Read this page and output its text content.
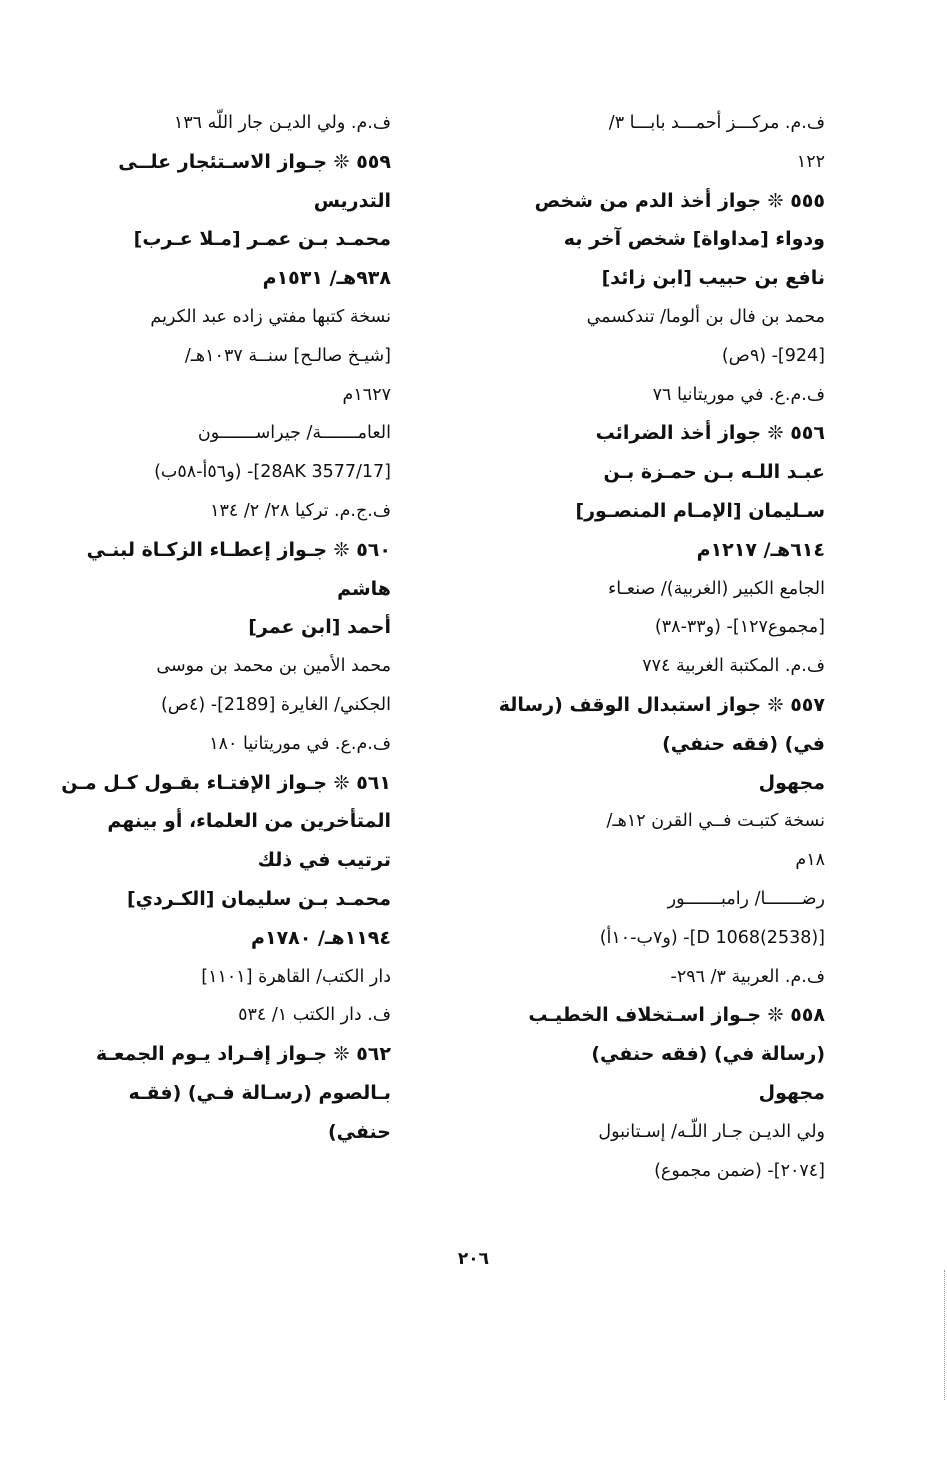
ف.م. مركـــز أحمـــد بابـــا ٣/
١٢٢
٥٥٥ ❊ جواز أخذ الدم من شخص
ودواء [مداواة] شخص آخر به
نافع بن حبيب [ابن زائد]
محمد بن فال بن ألوما/ تندكسمي
[924]- (٩ص)
ف.م.ع. في موريتانيا ٧٦
٥٥٦ ❊ جواز أخذ الضرائب
عبـد اللـه بـن حمـزة بـن
سـليمان [الإمـام المنصـور]
٦١٤هـ/ ١٢١٧م
الجامع الكبير (الغربية)/ صنعـاء
[مجموع١٢٧]- (و٣٣-٣٨)
ف.م. المكتبة الغربية ٧٧٤
٥٥٧ ❊ جواز استبدال الوقف (رسالة
في) (فقه حنفي)
مجهول
نسخة كتبـت فــي القرن ١٢هـ/
١٨م
رضـــــــا/ رامبـــــــور
[D 1068(2538)]- (و٧ب-١٠أ)
ف.م. العربية ٣/ ٢٩٦-
٥٥٨ ❊ جـواز اسـتخلاف الخطيـب
(رسالة في) (فقه حنفي)
مجهول
ولي الديـن جـار اللّـه/ إسـتانبول
[٢٠٧٤]- (ضمن مجموع)
ف.م. ولي الديـن جار اللّه ١٣٦
٥٥٩ ❊ جـواز الاسـتئجار علــى
التدريس
محمـد بـن عمـر [مـلا عـرب]
٩٣٨هـ/ ١٥٣١م
نسخة كتبها مفتي زاده عبد الكريم
[شيـخ صالـح] سنــة ١٠٣٧هـ/
١٦٢٧م
العامـــــــة/ جيراســـــــون
[28AK 3577/17]- (و٥٦أ-٥٨ب)
ف.ج.م. تركيا ٢٨/ ٢/ ١٣٤
٥٦٠ ❊ جـواز إعطـاء الزكـاة لبنـي
هاشم
أحمد [ابن عمر]
محمد الأمين بن محمد بن موسى
الجكني/ الغايرة [2189]- (٤ص)
ف.م.ع. في موريتانيا ١٨٠
٥٦١ ❊ جـواز الإفتـاء بقـول كـل مـن
المتأخرين من العلماء، أو بينهم
ترتيب في ذلك
محمـد بـن سليمان [الكـردي]
١١٩٤هـ/ ١٧٨٠م
دار الكتب/ القاهرة [١١٠١]
ف. دار الكتب ١/ ٥٣٤
٥٦٢ ❊ جـواز إفـراد يـوم الجمعـة
بـالصوم (رسـالة فـي) (فقـه
حنفي)
٢٠٦
